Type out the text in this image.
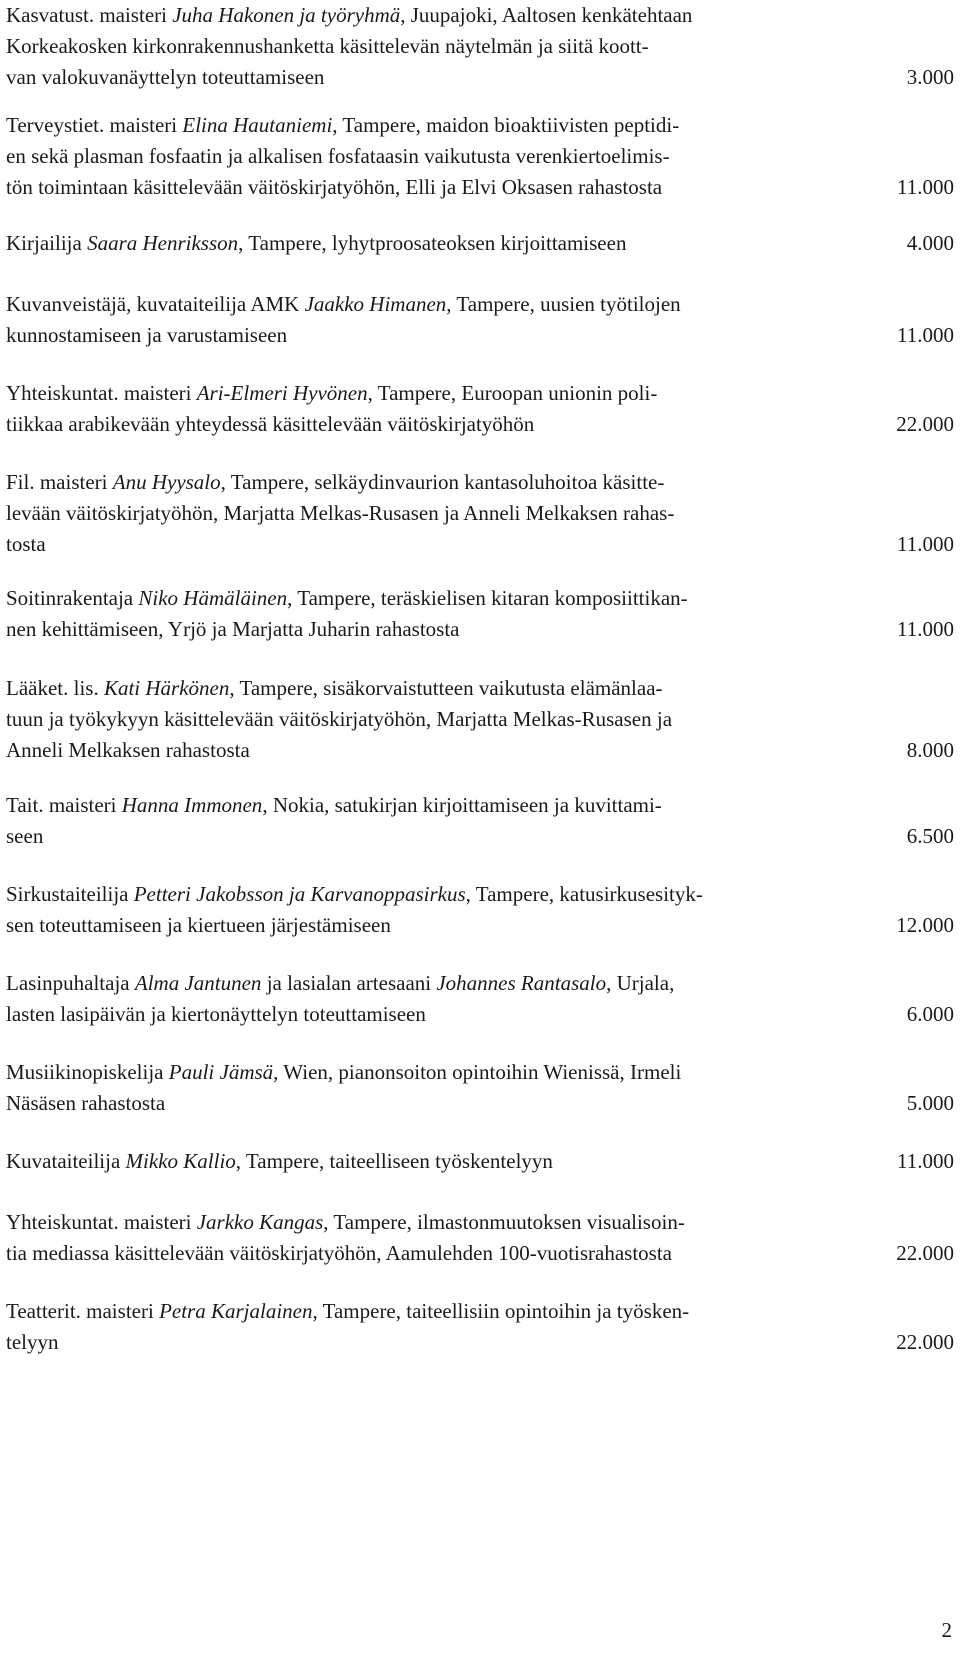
Kasvatust. maisteri Juha Hakonen ja työryhmä, Juupajoki, Aaltosen kenkätehtaan
Korkeakosken kirkonrakennushanketta käsittelevän näytelmän ja siitä koott-
van valokuvanäyttelyn toteuttamiseen	3.000
Terveystiet. maisteri Elina Hautaniemi, Tampere, maidon bioaktiivisten peptidi-
en sekä plasman fosfaatin ja alkalisen fosfataasin vaikutusta verenkiertoelimis-
tön toimintaan käsittelevään väitöskirjatyöhön, Elli ja Elvi Oksasen rahastosta	11.000
Kirjailija Saara Henriksson, Tampere, lyhytproosateoksen kirjoittamiseen	4.000
Kuvanveistäjä, kuvataiteilija AMK Jaakko Himanen, Tampere, uusien työtilojen
kunnostamiseen ja varustamiseen	11.000
Yhteiskuntat. maisteri Ari-Elmeri Hyvönen, Tampere, Euroopan unionin poli-
tiikkaa arabikevään yhteydessä käsittelevään väitöskirjatyöhön	22.000
Fil. maisteri Anu Hyysalo, Tampere, selkäydinvaurion kantasoluhoitoa käsitte-
levään väitöskirjatyöhön, Marjatta Melkas-Rusasen ja Anneli Melkaksen rahas-
tosta	11.000
Soitinrakentaja Niko Hämäläinen, Tampere, teräskielisen kitaran komposiittikan-
nen kehittämiseen, Yrjö ja Marjatta Juharin rahastosta	11.000
Lääket. lis. Kati Härkönen, Tampere, sisäkorvaistutteen vaikutusta elämänlaa-
tuun ja työkykyyn käsittelevään väitöskirjatyöhön, Marjatta Melkas-Rusasen ja
Anneli Melkaksen rahastosta	8.000
Tait. maisteri Hanna Immonen, Nokia, satukirjan kirjoittamiseen ja kuvittami-
seen	6.500
Sirkustaiteilija Petteri Jakobsson ja Karvanoppasirkus, Tampere, katusirkusesityk-
sen toteuttamiseen ja kiertueen järjestämiseen	12.000
Lasinpuhaltaja Alma Jantunen ja lasialan artesaani Johannes Rantasalo, Urjala,
lasten lasipäivän ja kiertonäyttelyn toteuttamiseen	6.000
Musiikinopiskelija Pauli Jämsä, Wien, pianonsoiton opintoihin Wienissä, Irmeli
Näsäsen rahastosta	5.000
Kuvataiteilija Mikko Kallio, Tampere, taiteelliseen työskentelyyn	11.000
Yhteiskuntat. maisteri Jarkko Kangas, Tampere, ilmastonmuutoksen visualisoin-
tia mediassa käsittelevään väitöskirjatyöhön, Aamulehden 100-vuotisrahastosta	22.000
Teatterit. maisteri Petra Karjalainen, Tampere, taiteellisiin opintoihin ja työsken-
telyyn	22.000
2
